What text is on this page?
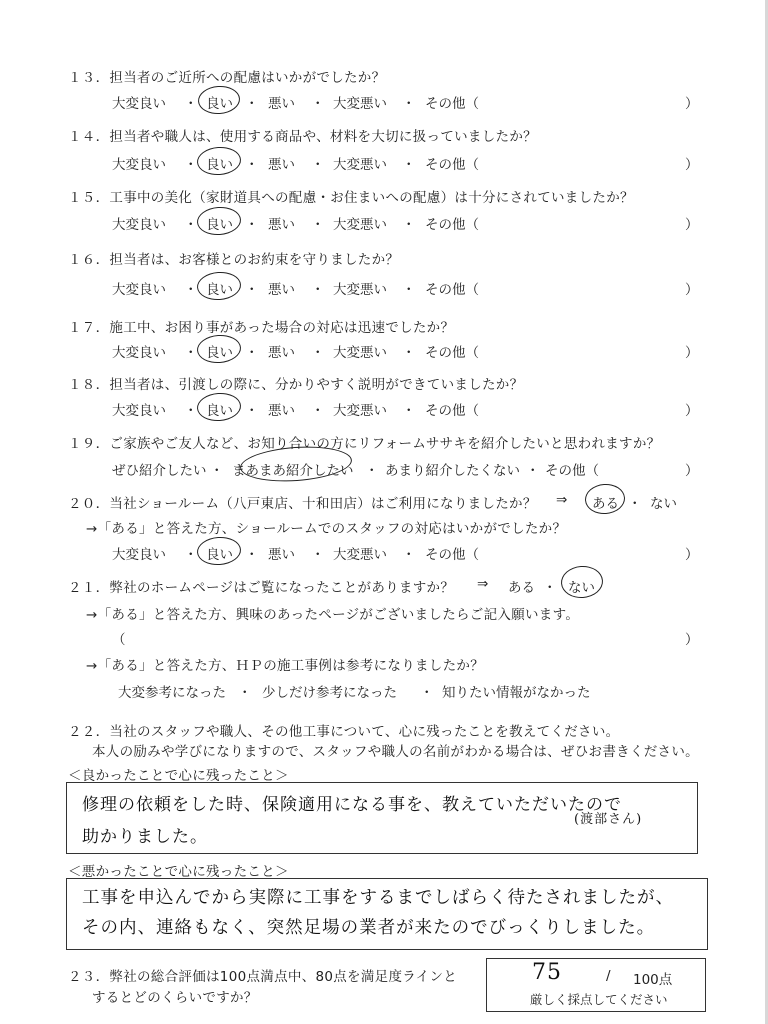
１３．担当者のご近所への配慮はいかがでしたか？
大変良い ・ 良い ・ 悪い ・ 大変悪い ・ その他（	）
１４．担当者や職人は、使用する商品や、材料を大切に扱っていましたか？
大変良い ・ 良い ・ 悪い ・ 大変悪い ・ その他（	）
１５．工事中の美化（家財道具への配慮・お住まいへの配慮）は十分にされていましたか？
大変良い ・ 良い ・ 悪い ・ 大変悪い ・ その他（	）
１６．担当者は、お客様とのお約束を守りましたか？
大変良い ・ 良い ・ 悪い ・ 大変悪い ・ その他（	）
１７．施工中、お困り事があった場合の対応は迅速でしたか？
大変良い ・ 良い ・ 悪い ・ 大変悪い ・ その他（	）
１８．担当者は、引渡しの際に、分かりやすく説明ができていましたか？
大変良い ・ 良い ・ 悪い ・ 大変悪い ・ その他（	）
１９．ご家族やご友人など、お知り合いの方にリフォームササキを紹介したいと思われますか？
ぜひ紹介したい ・ まあまあ紹介したい ・ あまり紹介したくない ・ その他（	）
２０．当社ショールーム（八戸東店、十和田店）はご利用になりましたか？ ⇒ ある ・ ない
→「ある」と答えた方、ショールームでのスタッフの対応はいかがでしたか？
大変良い ・ 良い ・ 悪い ・ 大変悪い ・ その他（	）
２１．弊社のホームページはご覧になったことがありますか？ ⇒ ある ・ ない
→「ある」と答えた方、興味のあったページがございましたらご記入願います。
（	）
→「ある」と答えた方、ＨＰの施工事例は参考になりましたか？
大変参考になった ・ 少しだけ参考になった ・ 知りたい情報がなかった
２２．当社のスタッフや職人、その他工事について、心に残ったことを教えてください。
本人の励みや学びになりますので、スタッフや職人の名前がわかる場合は、ぜひお書きください。
＜良かったことで心に残ったこと＞
修理の依頼をした時、保険適用になる事を、教えていただいたので
(渡部さん)
助かりました。
＜悪かったことで心に残ったこと＞
工事を申込んでから実際に工事をするまでしばらく待たされましたが、
その内、連絡もなく、突然足場の業者が来たのでびっくりしました。
２３．弊社の総合評価は100点満点中、80点を満足度ラインと
するとどのくらいですか？
75	/ 100点
厳しく採点してください
